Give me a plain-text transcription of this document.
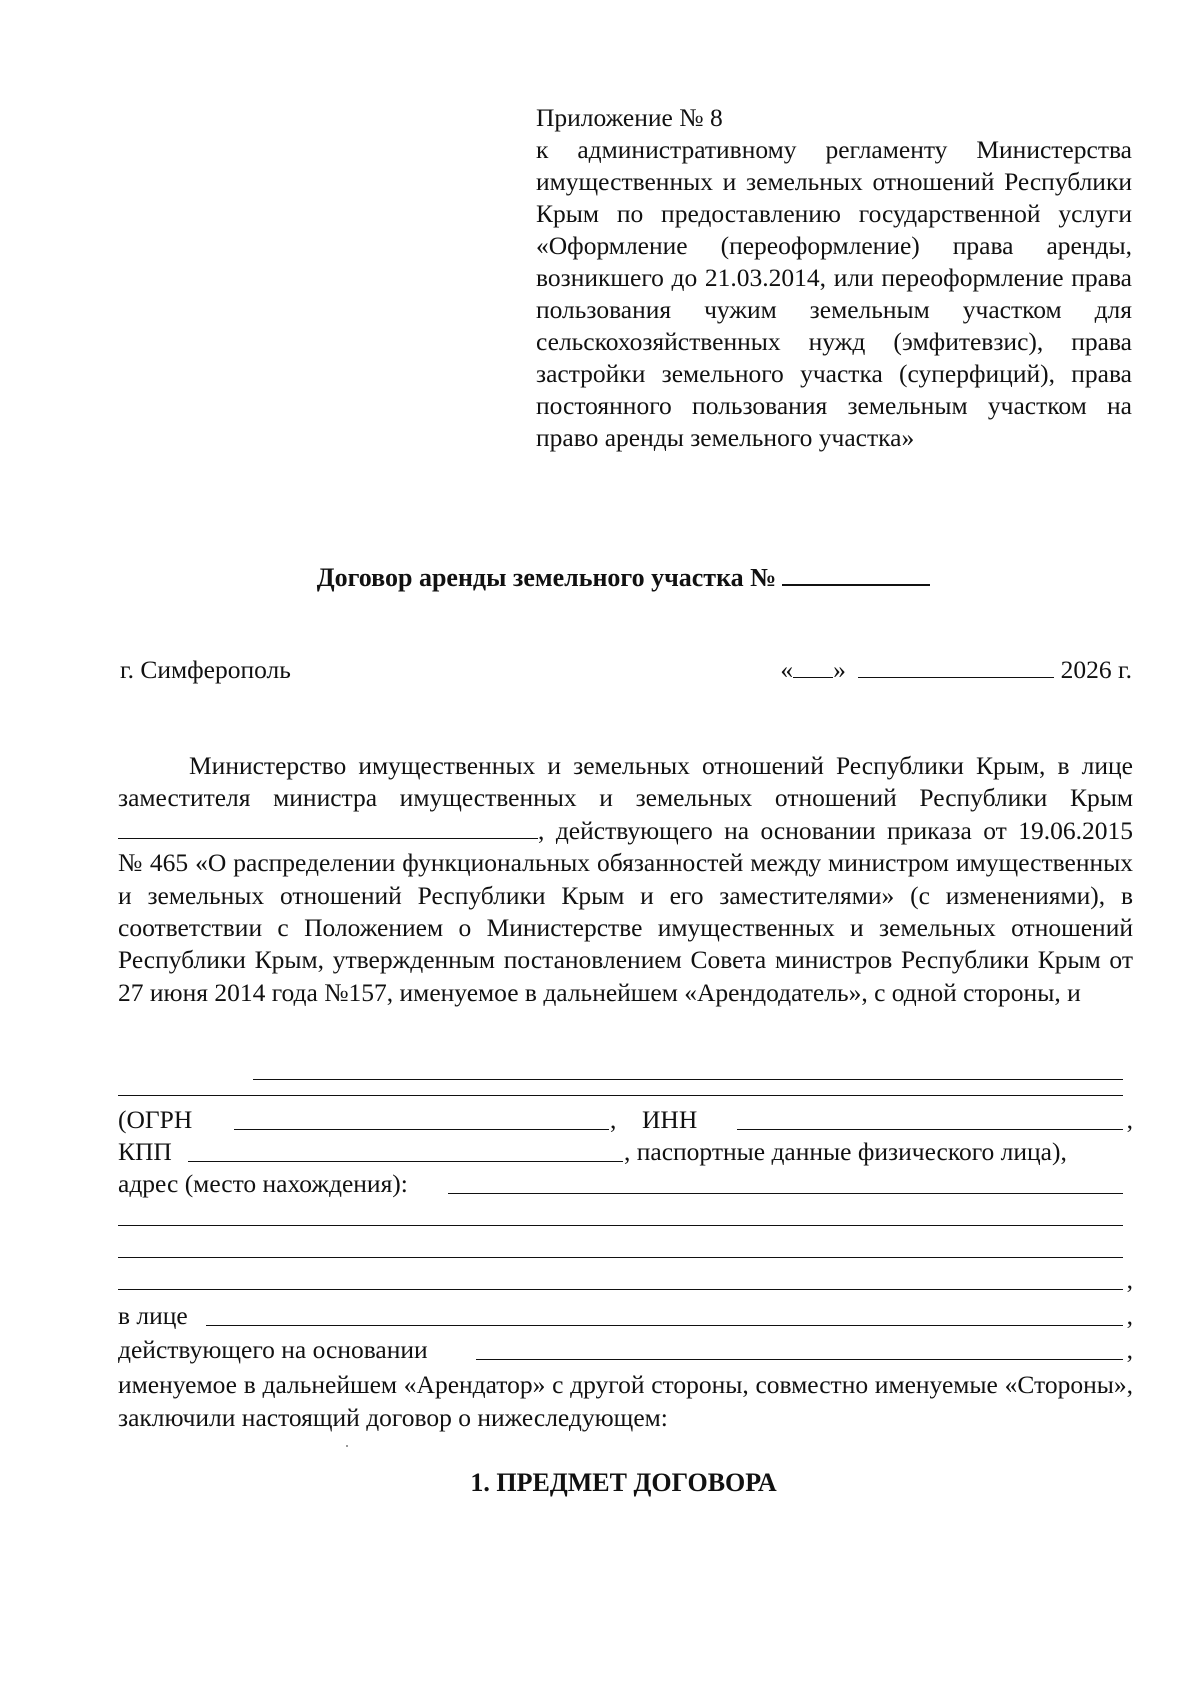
Приложение № 8
к административному регламенту Министерства имущественных и земельных отношений Республики Крым по предоставлению государственной услуги «Оформление (переоформление) права аренды, возникшего до 21.03.2014, или переоформление права пользования чужим земельным участком для сельскохозяйственных нужд (эмфитевзис), права застройки земельного участка (суперфиций), права постоянного пользования земельным участком на право аренды земельного участка»
Договор аренды земельного участка №
г. Симферополь	« »	2026 г.
Министерство имущественных и земельных отношений Республики Крым, в лице заместителя министра имущественных и земельных отношений Республики Крым, действующего на основании приказа от 19.06.2015 № 465 «О распределении функциональных обязанностей между министром имущественных и земельных отношений Республики Крым и его заместителями» (с изменениями), в соответствии с Положением о Министерстве имущественных и земельных отношений Республики Крым, утвержденным постановлением Совета министров Республики Крым от 27 июня 2014 года №157, именуемое в дальнейшем «Арендодатель», с одной стороны, и
(ОГРН	, ИНН	,
КПП	, паспортные данные физического лица),
адрес (место нахождения):
,
в лице	,
действующего на основании	,
именуемое в дальнейшем «Арендатор» с другой стороны, совместно именуемые «Стороны», заключили настоящий договор о нижеследующем:
1. ПРЕДМЕТ ДОГОВОРА
